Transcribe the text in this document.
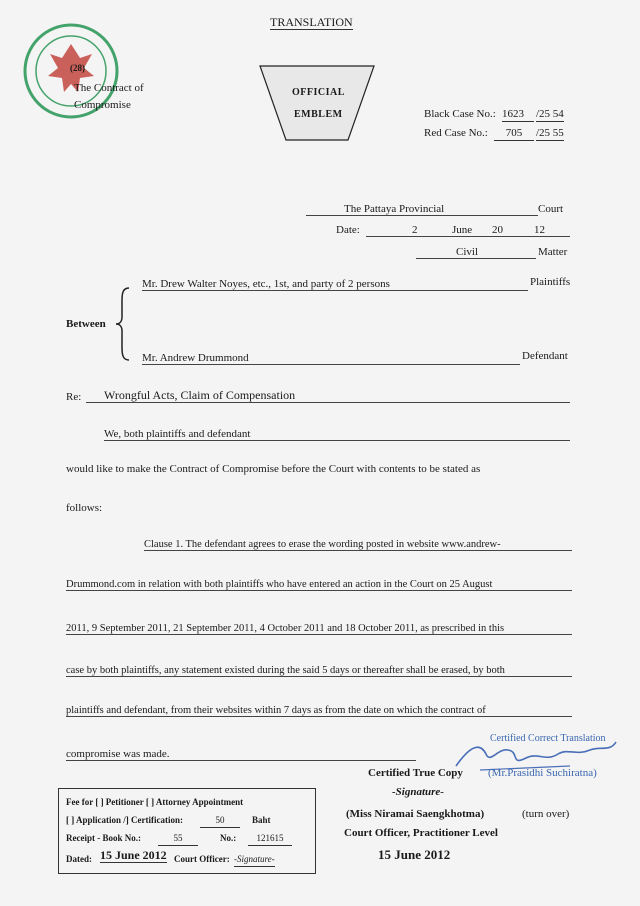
TRANSLATION
(28)
The Contract of
Compromise
OFFICIAL
EMBLEM	Black Case No.: 1623	/25 54
Red Case No.:	705	/25 55
The Pattaya Provincial	Court
Date:	2	June 20	12
Civil	Matter
Mr. Drew Walter Noyes, etc., 1st, and party of 2 persons	Plaintiffs
Between
Mr. Andrew Drummond	Defendant
Re: Wrongful Acts, Claim of Compensation
We, both plaintiffs and defendant
would like to make the Contract of Compromise before the Court with contents to be stated as
follows:
Clause 1. The defendant agrees to erase the wording posted in website www.andrew-
Drummond.com in relation with both plaintiffs who have entered an action in the Court on 25 August
2011, 9 September 2011, 21 September 2011, 4 October 2011 and 18 October 2011, as prescribed in this
case by both plaintiffs, any statement existed during the said 5 days or thereafter shall be erased, by both
plaintiffs and defendant, from their websites within 7 days as from the date on which the contract of
compromise was made.
Certified Correct Translation
(Mr.Prasidhi Suchiratna)
Certified True Copy
-Signature-
(Miss Niramai Saengkhotma)	(turn over)
Court Officer, Practitioner Level
15 June 2012
Fee for [ ] Petitioner [ ] Attorney Appointment
[ ] Application /] Certification:	50	Baht
Receipt - Book No.:	55	No.:	121615
Dated: 15 June 2012 Court Officer: -Signature-
